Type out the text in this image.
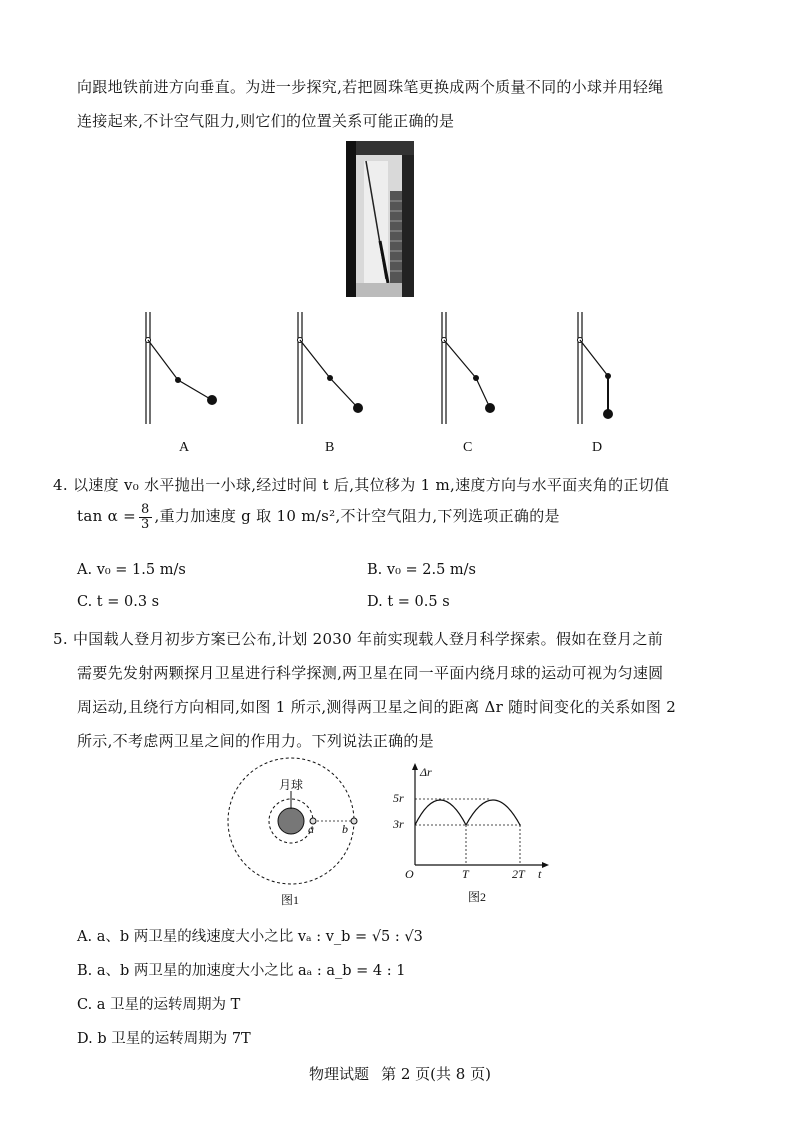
向跟地铁前进方向垂直。为进一步探究,若把圆珠笔更换成两个质量不同的小球并用轻绳
连接起来,不计空气阻力,则它们的位置关系可能正确的是
A	B	C	D
4. 以速度 v₀ 水平抛出一小球,经过时间 t 后,其位移为 1 m,速度方向与水平面夹角的正切值
$\tan \alpha = \frac{8}{3}$ ,重力加速度 g 取 10 m/s²,不计空气阻力,下列选项正确的是
A. v₀ = 1.5 m/s	B. v₀ = 2.5 m/s
C. t = 0.3 s	D. t = 0.5 s
5. 中国载人登月初步方案已公布,计划 2030 年前实现载人登月科学探索。假如在登月之前
需要先发射两颗探月卫星进行科学探测,两卫星在同一平面内绕月球的运动可视为匀速圆
周运动,且绕行方向相同,如图 1 所示,测得两卫星之间的距离 Δr 随时间变化的关系如图 2
所示,不考虑两卫星之间的作用力。下列说法正确的是
月球
a b
图1
Δr
5r
3r
O	T	2T t
图2
A. a、b 两卫星的线速度大小之比 vₐ : v_b = √5 : √3
B. a、b 两卫星的加速度大小之比 aₐ : a_b = 4 : 1
C. a 卫星的运转周期为 T
D. b 卫星的运转周期为 7T
物理试题 第 2 页(共 8 页)
